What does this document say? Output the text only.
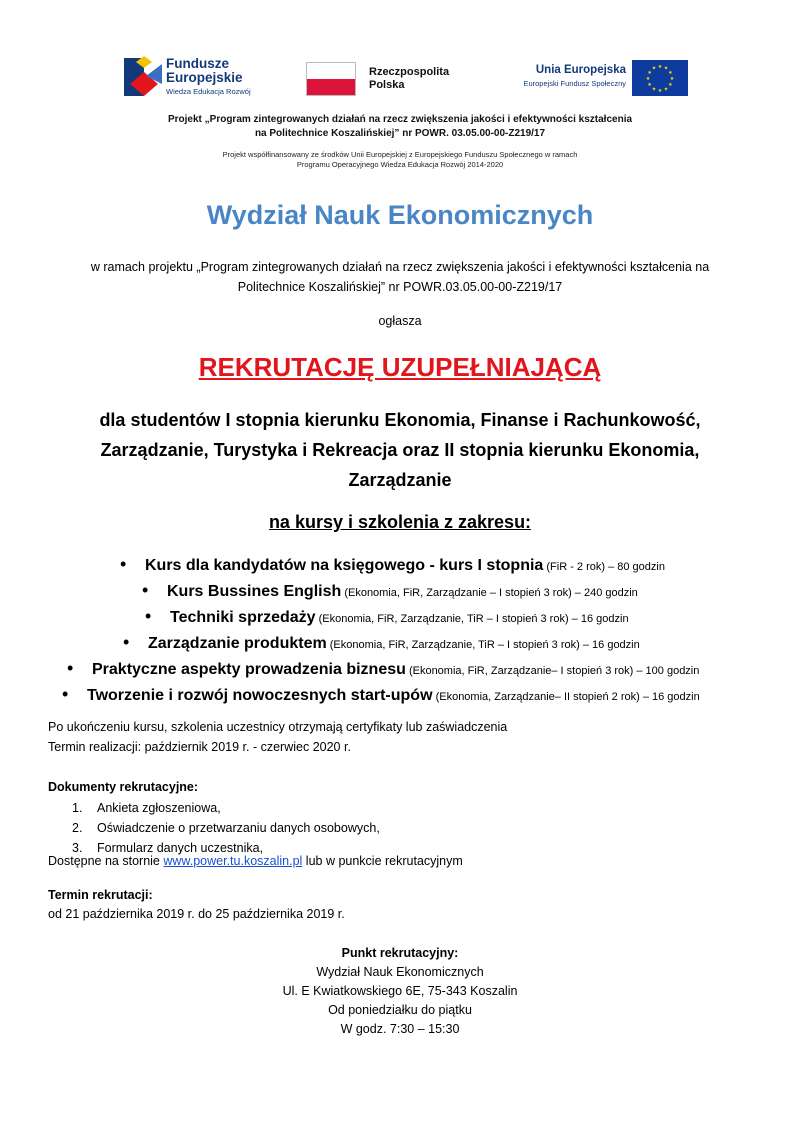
Fundusze
Europejskie
Wiedza Edukacja Rozwój
Rzeczpospolita
Polska
Unia Europejska
Europejski Fundusz Społeczny
★ ★
★
★
★
★
★
★
★
★
★
★
Projekt „Program zintegrowanych działań na rzecz zwiększenia jakości i efektywności kształcenia
na Politechnice Koszalińskiej” nr POWR. 03.05.00-00-Z219/17
Projekt współfinansowany ze środków Unii Europejskiej z Europejskiego Funduszu Społecznego w ramach
Programu Operacyjnego Wiedza Edukacja Rozwój 2014-2020
Wydział Nauk Ekonomicznych
w ramach projektu „Program zintegrowanych działań na rzecz zwiększenia jakości i efektywności kształcenia na
Politechnice Koszalińskiej” nr POWR.03.05.00-00-Z219/17
ogłasza
REKRUTACJĘ UZUPEŁNIAJĄCĄ
dla studentów I stopnia kierunku Ekonomia, Finanse i Rachunkowość,
Zarządzanie, Turystyka i Rekreacja oraz II stopnia kierunku Ekonomia,
Zarządzanie
na kursy i szkolenia z zakresu:
• Kurs dla kandydatów na księgowego - kurs I stopnia (FiR - 2 rok) – 80 godzin
• Kurs Bussines English (Ekonomia, FiR, Zarządzanie – I stopień 3 rok) – 240 godzin
• Techniki sprzedaży (Ekonomia, FiR, Zarządzanie, TiR – I stopień 3 rok) – 16 godzin
• Zarządzanie produktem (Ekonomia, FiR, Zarządzanie, TiR – I stopień 3 rok) – 16 godzin
• Praktyczne aspekty prowadzenia biznesu (Ekonomia, FiR, Zarządzanie– I stopień 3 rok) – 100 godzin
• Tworzenie i rozwój nowoczesnych start-upów (Ekonomia, Zarządzanie– II stopień 2 rok) – 16 godzin
Po ukończeniu kursu, szkolenia uczestnicy otrzymają certyfikaty lub zaświadczenia
Termin realizacji: październik 2019 r. - czerwiec 2020 r.
Dokumenty rekrutacyjne:
1. Ankieta zgłoszeniowa,
2. Oświadczenie o przetwarzaniu danych osobowych,
3. Formularz danych uczestnika,
Dostępne na stornie www.power.tu.koszalin.pl lub w punkcie rekrutacyjnym
Termin rekrutacji:
od 21 października 2019 r. do 25 października 2019 r.
Punkt rekrutacyjny:
Wydział Nauk Ekonomicznych
Ul. E Kwiatkowskiego 6E, 75-343 Koszalin
Od poniedziałku do piątku
W godz. 7:30 – 15:30
